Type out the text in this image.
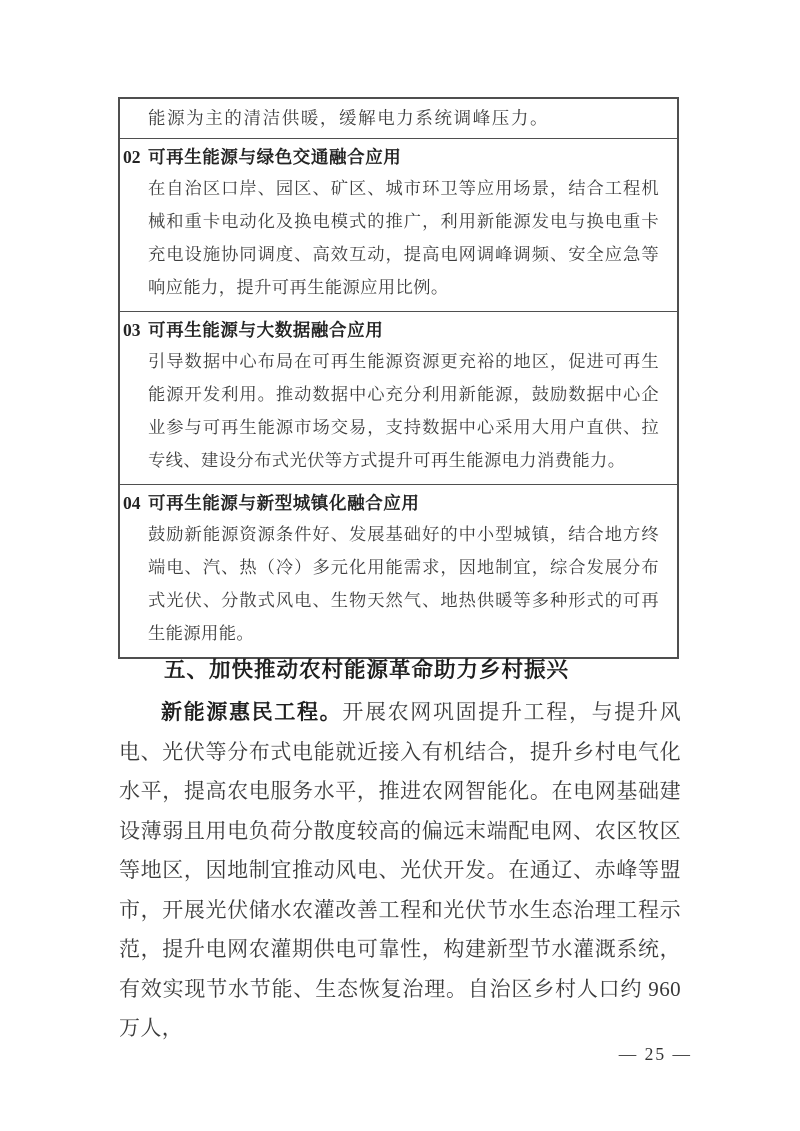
能源为主的清洁供暖，缓解电力系统调峰压力。
02 可再生能源与绿色交通融合应用
在自治区口岸、园区、矿区、城市环卫等应用场景，结合工程机械和重卡电动化及换电模式的推广，利用新能源发电与换电重卡充电设施协同调度、高效互动，提高电网调峰调频、安全应急等响应能力，提升可再生能源应用比例。
03 可再生能源与大数据融合应用
引导数据中心布局在可再生能源资源更充裕的地区，促进可再生能源开发利用。推动数据中心充分利用新能源，鼓励数据中心企业参与可再生能源市场交易，支持数据中心采用大用户直供、拉专线、建设分布式光伏等方式提升可再生能源电力消费能力。
04 可再生能源与新型城镇化融合应用
鼓励新能源资源条件好、发展基础好的中小型城镇，结合地方终端电、汽、热（冷）多元化用能需求，因地制宜，综合发展分布式光伏、分散式风电、生物天然气、地热供暖等多种形式的可再生能源用能。
五、加快推动农村能源革命助力乡村振兴
新能源惠民工程。开展农网巩固提升工程，与提升风电、光伏等分布式电能就近接入有机结合，提升乡村电气化水平，提高农电服务水平，推进农网智能化。在电网基础建设薄弱且用电负荷分散度较高的偏远末端配电网、农区牧区等地区，因地制宜推动风电、光伏开发。在通辽、赤峰等盟市，开展光伏储水农灌改善工程和光伏节水生态治理工程示范，提升电网农灌期供电可靠性，构建新型节水灌溉系统，有效实现节水节能、生态恢复治理。自治区乡村人口约 960 万人，
— 25 —
